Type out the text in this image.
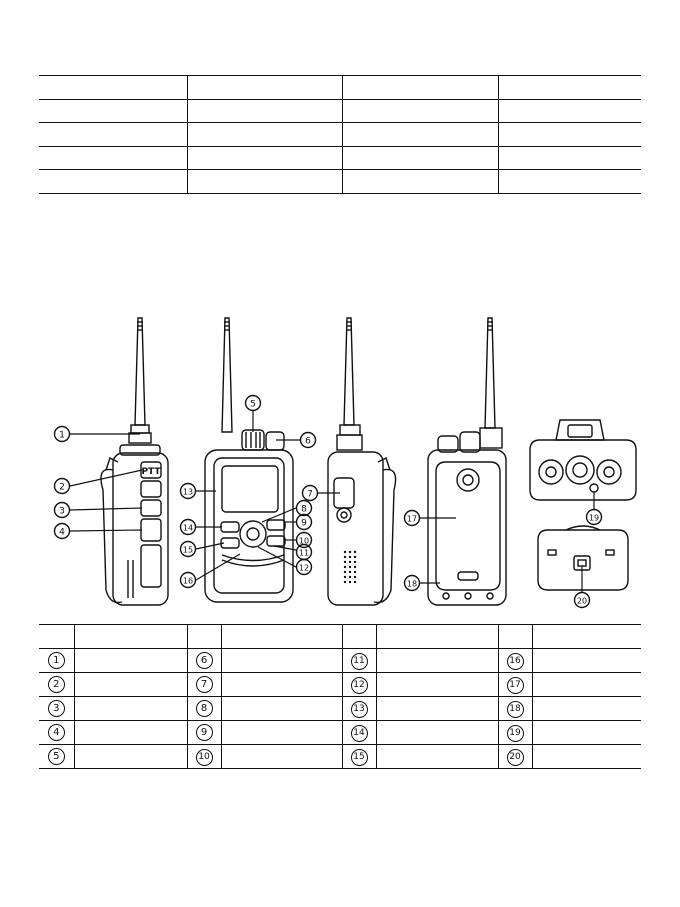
PTT
1
2
3
4
5
6
7
8
9
10
11
12
13
14
15
16
17
18
19
20

1		6		11		16	
2		7		12		17	
3		8		13		18	
4		9		14		19	
5		10		15		20	
